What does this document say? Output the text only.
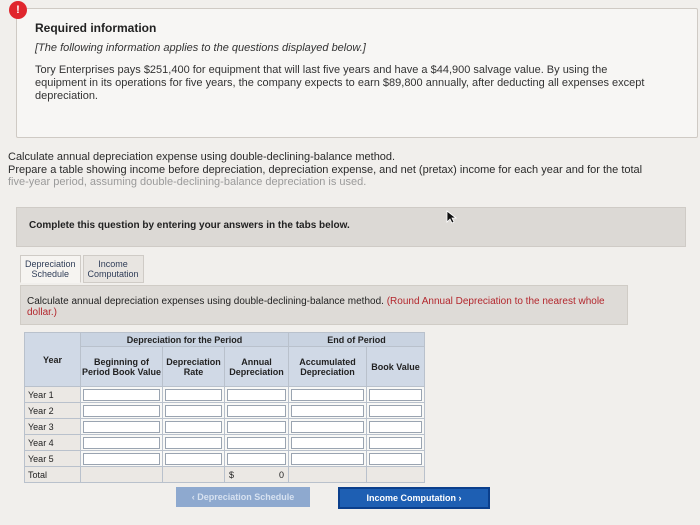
!
Required information
[The following information applies to the questions displayed below.]
Tory Enterprises pays $251,400 for equipment that will last five years and have a $44,900 salvage value. By using the equipment in its operations for five years, the company expects to earn $89,800 annually, after deducting all expenses except depreciation.
Calculate annual depreciation expense using double-declining-balance method.
Prepare a table showing income before depreciation, depreciation expense, and net (pretax) income for each year and for the total
five-year period, assuming double-declining-balance depreciation is used.
Complete this question by entering your answers in the tabs below.
Depreciation
Schedule
Income
Computation
Calculate annual depreciation expenses using double-declining-balance method. (Round Annual Depreciation to the nearest whole dollar.)
Year	Depreciation for the Period			End of Period	
	Beginning of Period Book Value	Depreciation Rate	Annual Depreciation	Accumulated Depreciation	Book Value
Year 1	

Year 2	

Year 3	

Year 4	

Year 5	

Total			$ 0		

‹ Depreciation Schedule	Income Computation ›
